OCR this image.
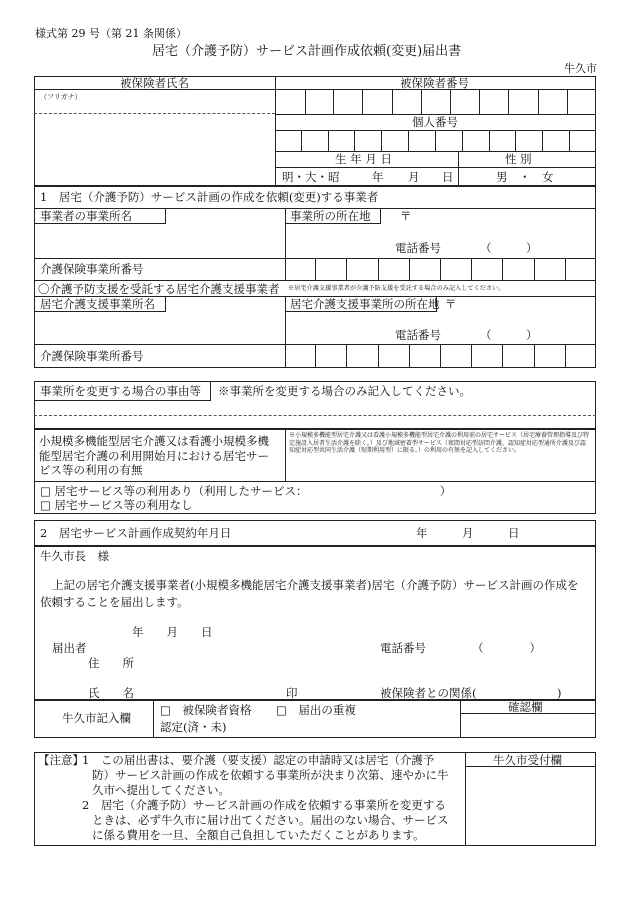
様式第 29 号（第 21 条関係）
居宅（介護予防）サービス計画作成依頼(変更)届出書
牛久市
被保険者氏名	被保険者番号
（フリガナ）
個人番号
生 年 月 日	性 別
明・大・昭	年 月 日	男　・　女
1　居宅（介護予防）サービス計画の作成を依頼(変更)する事業者
事業者の事業所名	事業所の所在地	〒
電話番号	（　　　）
介護保険事業所番号
〇介護予防支援を受託する居宅介護支援事業者 ※居宅介護支援事業者が介護予防支援を受託する場合のみ記入してください。
居宅介護支援事業所名	居宅介護支援事業所の所在地 〒
電話番号	（　　　）
介護保険事業所番号
事業所を変更する場合の事由等 ※事業所を変更する場合のみ記入してください。
小規模多機能型居宅介護又は看護小規模多機能型居宅介護の利用開始月における居宅サービス等の利用の有無
※小規模多機能型居宅介護又は看護小規模多機能型居宅介護の利用前の居宅サービス（居宅療養管理指導及び特定施設入居者生活介護を除く。）及び地域密着型サービス（夜間対応型訪問介護、認知症対応型通所介護及び認知症対応型共同生活介護（短期利用型）に限る。）の利用の有無を記入してください。
□ 居宅サービス等の利用あり（利用したサービス：　　　　　　　　　　　　）
□ 居宅サービス等の利用なし
2　居宅サービス計画作成契約年月日	年　　　月　　　日
牛久市長　様
上記の居宅介護支援事業者(小規模多機能居宅介護支援事業者)居宅（介護予防）サービス計画の作成を
依頼することを届出します。
年　　月　　日
届出者
住　　所
電話番号	（　　　　）
氏　　名	印	被保険者との関係(　　　　　　　)
牛久市記入欄
□　被保険者資格 □　届出の重複
認定(済・未)
確認欄
【注意】
1　この届出書は、要介護（要支援）認定の申請時又は居宅（介護予
防）サービス計画の作成を依頼する事業所が決まり次第、速やかに牛
久市へ提出してください。
2　居宅（介護予防）サービス計画の作成を依頼する事業所を変更する
ときは、必ず牛久市に届け出てください。届出のない場合、サービス
に係る費用を一旦、全額自己負担していただくことがあります。
牛久市受付欄
